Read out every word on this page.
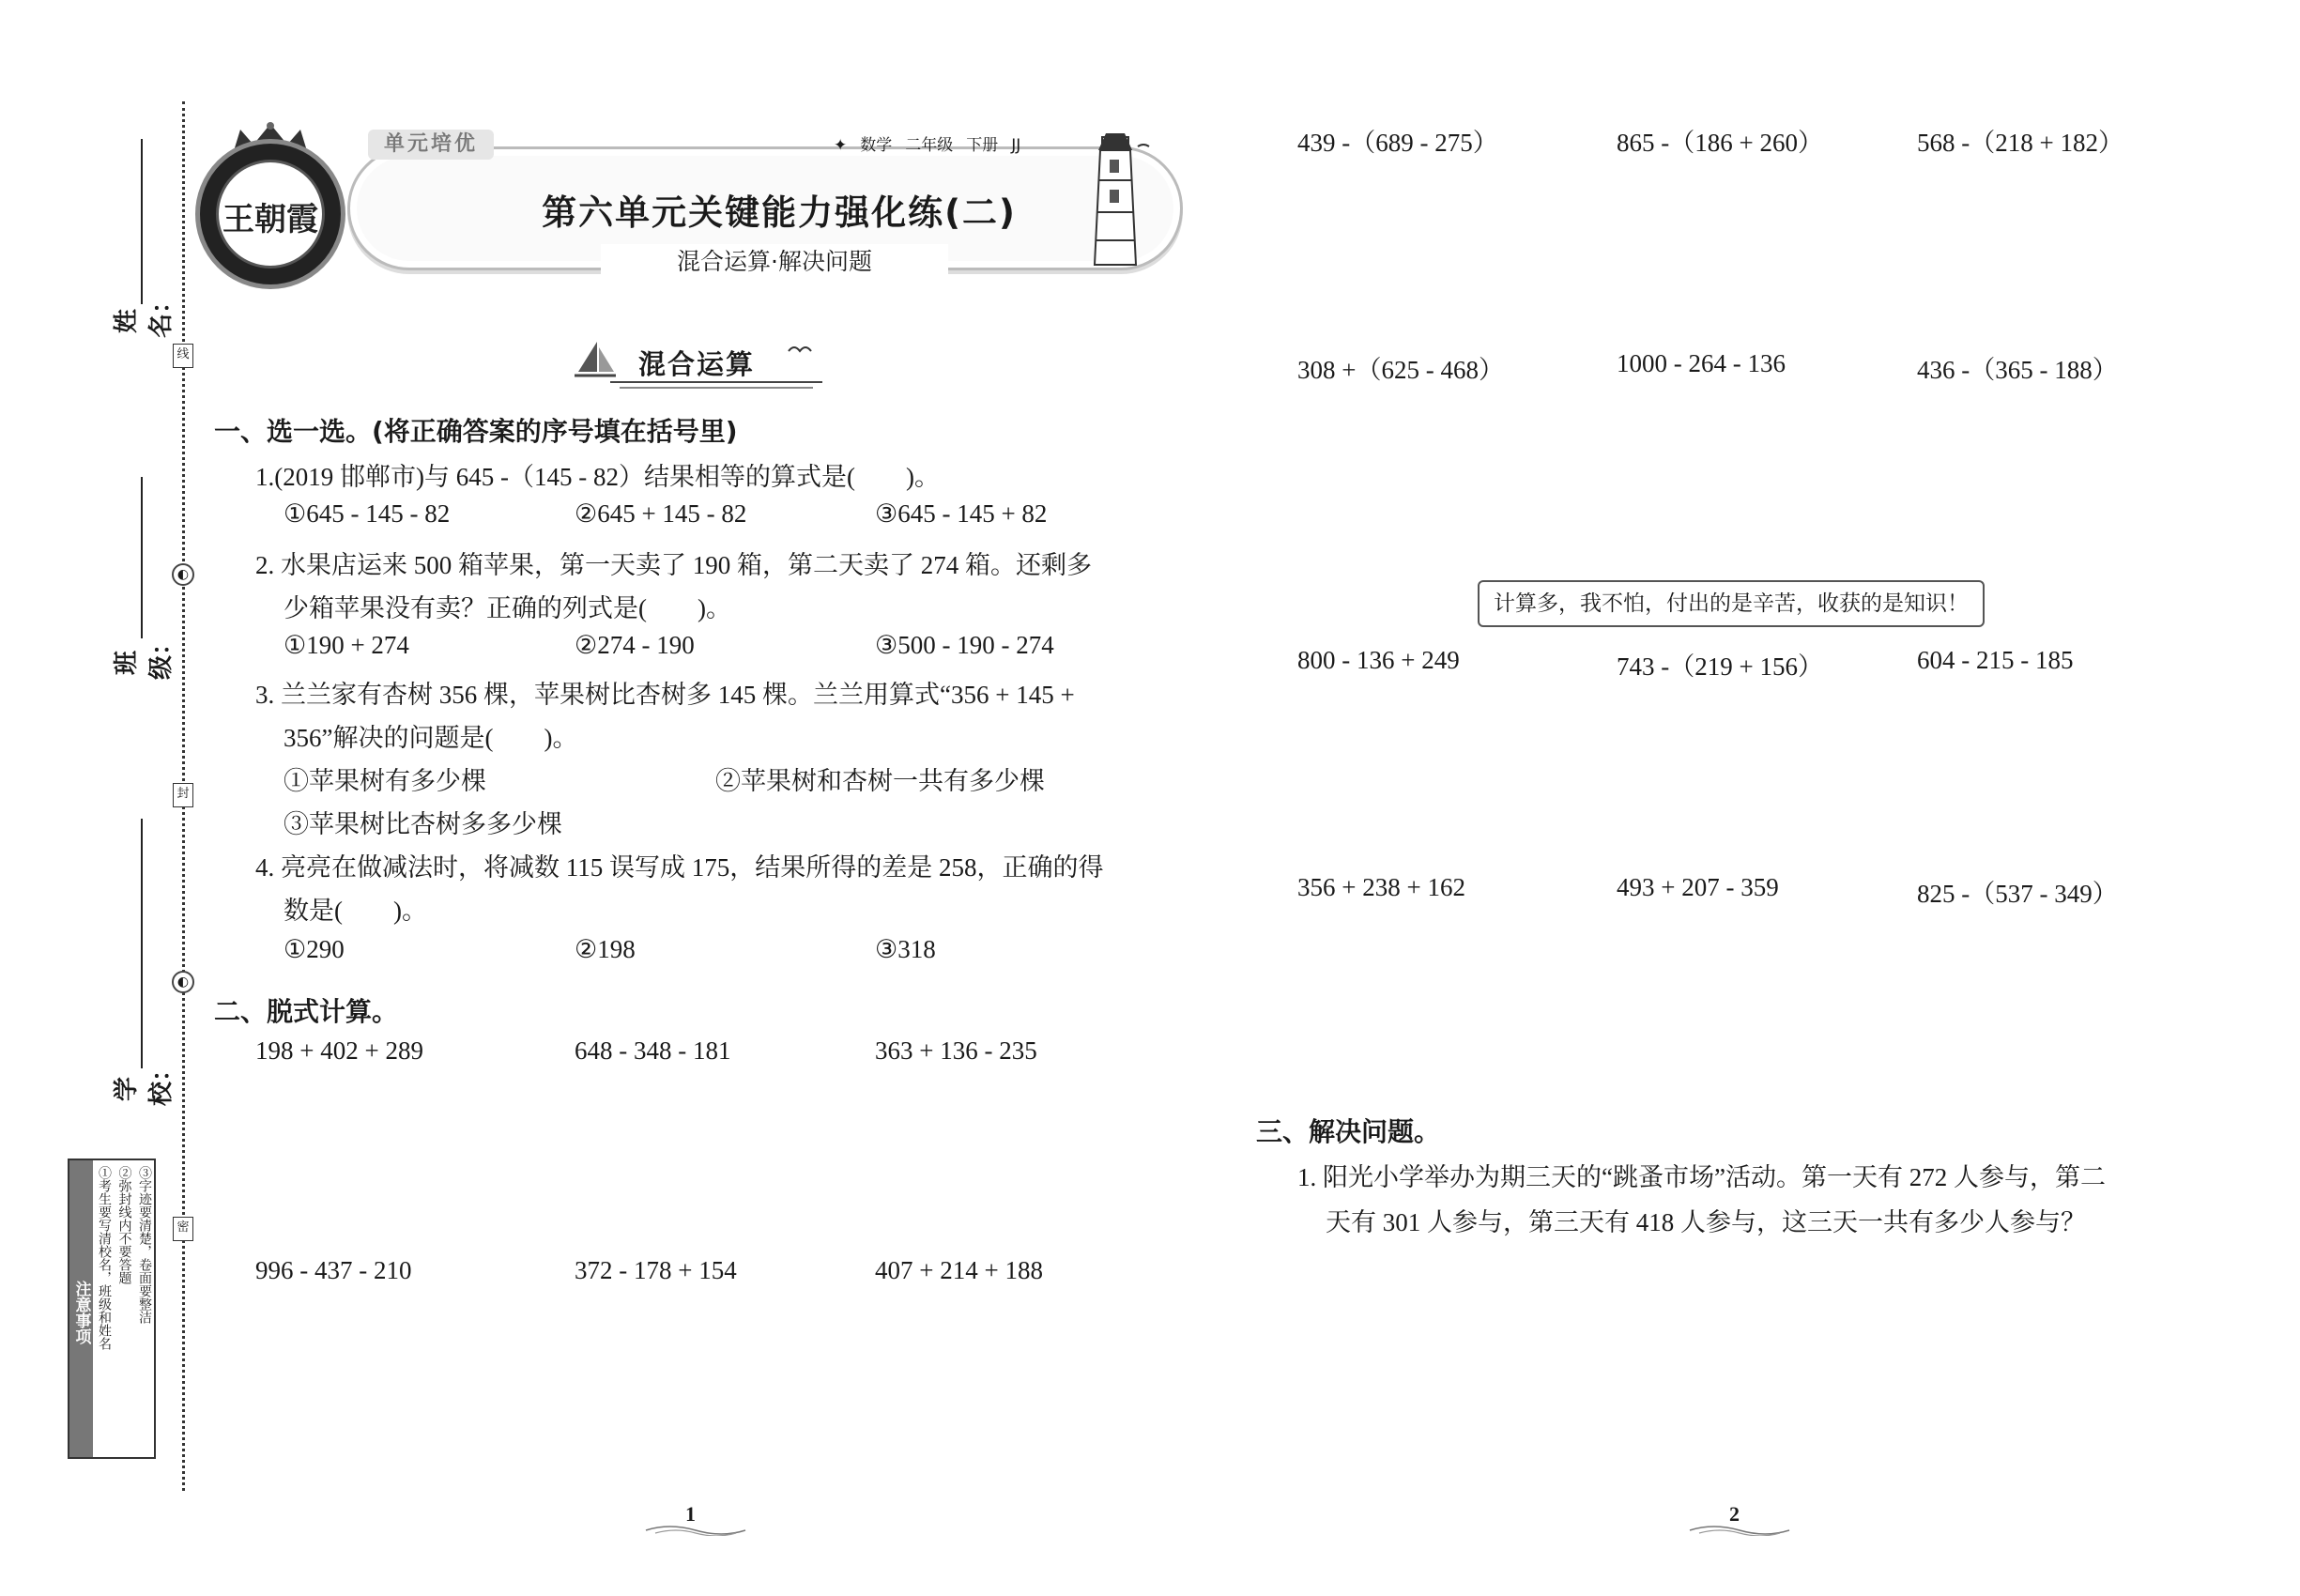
线
◐
封
◐
密
姓 名：
班 级：
学 校：
注意事项 ①考生要写清校名，班级和姓名 ②弥封线内不要答题 ③字迹要清楚，卷面要整洁
单元培优	✦ 数学 二年级 下册 JJ
第六单元关键能力强化练(二)
混合运算·解决问题
王朝霞
混合运算
一、选一选。(将正确答案的序号填在括号里)
1.(2019 邯郸市)与 645 -（145 - 82）结果相等的算式是(　　)。
①645 - 145 - 82	②645 + 145 - 82	③645 - 145 + 82
2. 水果店运来 500 箱苹果，第一天卖了 190 箱，第二天卖了 274 箱。还剩多
少箱苹果没有卖？正确的列式是(　　)。
①190 + 274	②274 - 190	③500 - 190 - 274
3. 兰兰家有杏树 356 棵，苹果树比杏树多 145 棵。兰兰用算式“356 + 145 +
356”解决的问题是(　　)。
①苹果树有多少棵	②苹果树和杏树一共有多少棵
③苹果树比杏树多多少棵
4. 亮亮在做减法时，将减数 115 误写成 175，结果所得的差是 258，正确的得
数是(　　)。
①290	②198	③318
二、脱式计算。
198 + 402 + 289	648 - 348 - 181	363 + 136 - 235
996 - 437 - 210	372 - 178 + 154	407 + 214 + 188
439 -（689 - 275）	865 -（186 + 260）	568 -（218 + 182）
308 +（625 - 468）	1000 - 264 - 136	436 -（365 - 188）
计算多，我不怕，付出的是辛苦，收获的是知识！
800 - 136 + 249	743 -（219 + 156）	604 - 215 - 185
356 + 238 + 162	493 + 207 - 359	825 -（537 - 349）
三、解决问题。
1. 阳光小学举办为期三天的“跳蚤市场”活动。第一天有 272 人参与，第二
天有 301 人参与，第三天有 418 人参与，这三天一共有多少人参与？
1	2
